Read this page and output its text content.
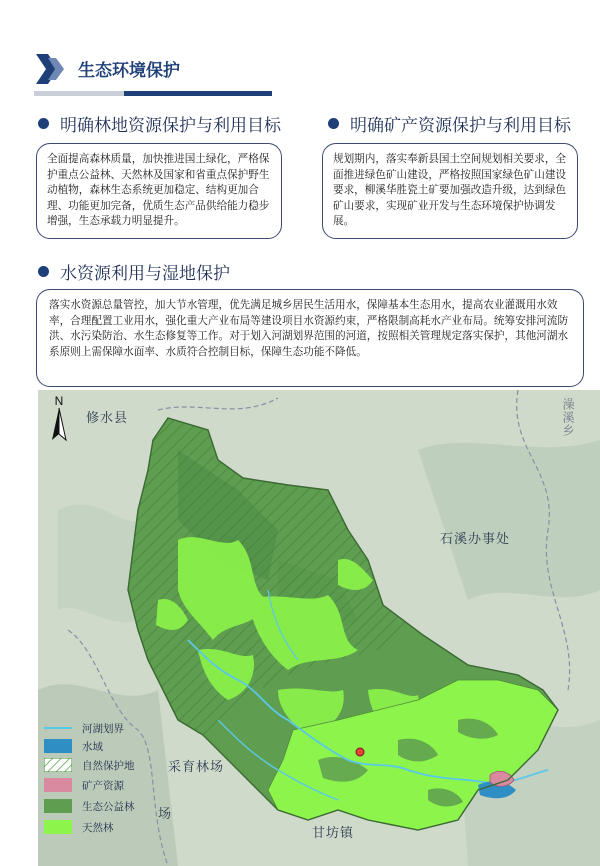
生态环境保护
明确林地资源保护与利用目标
全面提高森林质量，加快推进国土绿化，严格保护重点公益林、天然林及国家和省重点保护野生动植物，森林生态系统更加稳定、结构更加合理、功能更加完备，优质生态产品供给能力稳步增强，生态承载力明显提升。
明确矿产资源保护与利用目标
规划期内，落实奉新县国土空间规划相关要求，全面推进绿色矿山建设，严格按照国家绿色矿山建设要求，柳溪华胜瓷土矿要加强改造升级，达到绿色矿山要求，实现矿业开发与生态环境保护协调发展。
水资源利用与湿地保护
落实水资源总量管控，加大节水管理，优先满足城乡居民生活用水，保障基本生态用水，提高农业灌溉用水效率，合理配置工业用水，强化重大产业布局等建设项目水资源约束，严格限制高耗水产业布局。统筹安排河流防洪、水污染防治、水生态修复等工作。对于划入河湖划界范围的河道，按照相关管理规定落实保护，其他河湖水系原则上需保障水面率、水质符合控制目标，保障生态功能不降低。
N
修水县
石溪办事处
采育林场
甘坊镇
澡溪乡
场
河湖划界
水域
自然保护地
矿产资源
生态公益林
天然林
